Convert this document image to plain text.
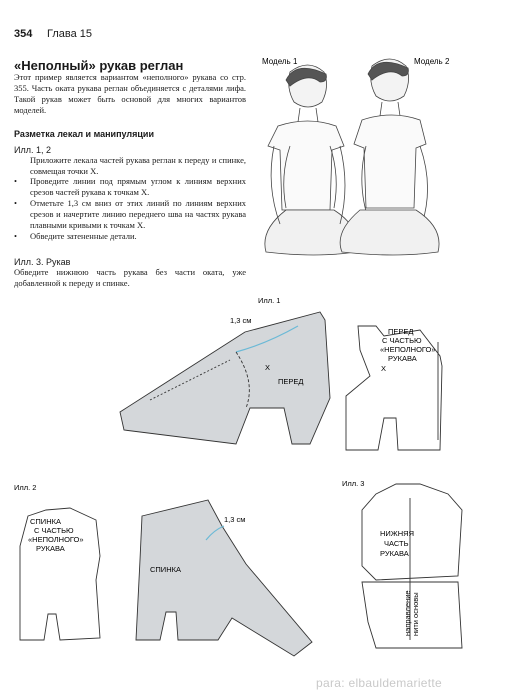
354 Глава 15
«Неполный» рукав реглан
Этот пример является вариантом «неполного» рукава со стр. 355. Часть оката рукава реглан объединяется с деталями лифа. Такой рукав может быть основой для многих вариантов моделей.
Разметка лекал и манипуляции
Илл. 1, 2
Приложите лекала частей рукава реглан к переду и спинке, совмещая точки Х.
•	Проведите линии под прямым углом к линиям верхних срезов частей рукава к точкам Х.
•	Отметьте 1,3 см вниз от этих линий по линиям верхних срезов и начертите линию переднего шва на частях рукава плавными кривыми к точкам Х.
•	Обведите затененные детали.
Илл. 3. Рукав
Обведите нижнюю часть рукава без части оката, уже добавленной к переду и спинке.
Модель 1	Модель 2
Илл. 1
1,3 см
X
ПЕРЕД
ПЕРЕД
С ЧАСТЬЮ
«НЕПОЛНОГО»
РУКАВА
X
Илл. 2
СПИНКА
С ЧАСТЬЮ
«НЕПОЛНОГО»
РУКАВА
1,3 см
СПИНКА
Илл. 3
НИЖНЯЯ
ЧАСТЬ
РУКАВА
направление нити основы
para: elbauldemariette
